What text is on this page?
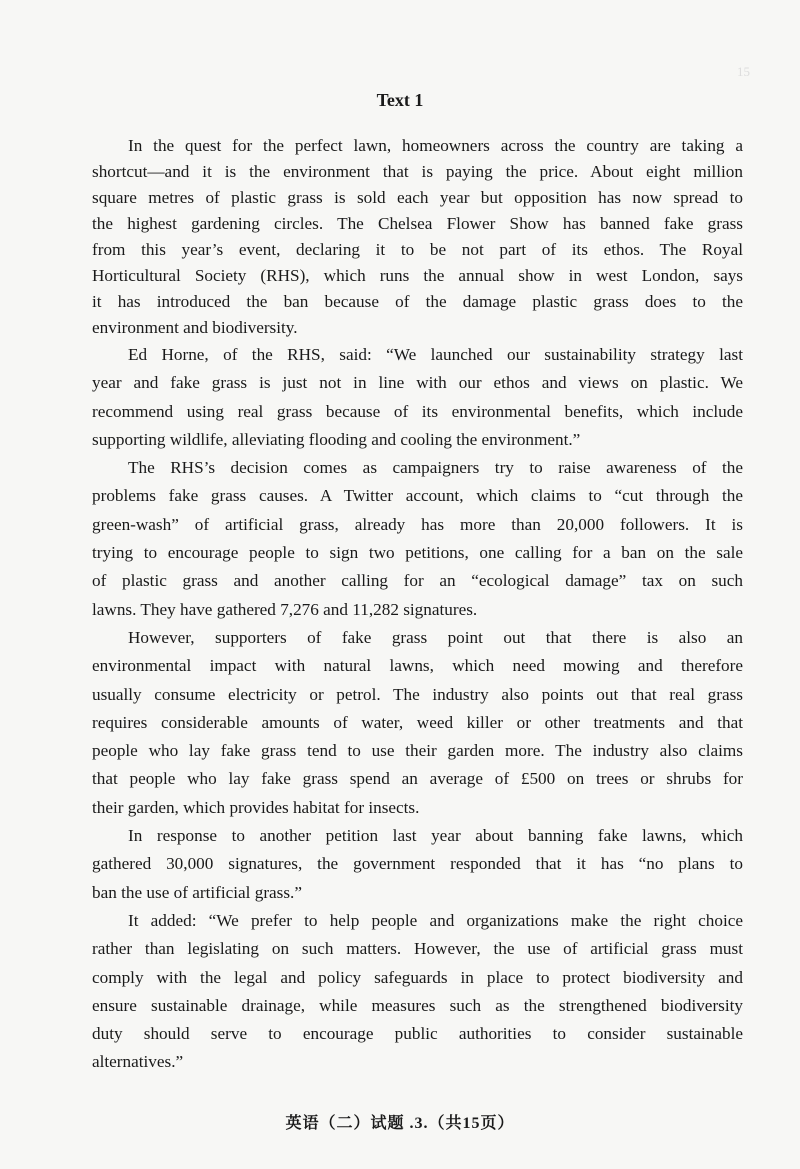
15
Text 1
In the quest for the perfect lawn, homeowners across the country are taking a
shortcut—and it is the environment that is paying the price. About eight million
square metres of plastic grass is sold each year but opposition has now spread to
the highest gardening circles. The Chelsea Flower Show has banned fake grass
from this year’s event, declaring it to be not part of its ethos. The Royal
Horticultural Society (RHS), which runs the annual show in west London, says
it has introduced the ban because of the damage plastic grass does to the
environment and biodiversity.
Ed Horne, of the RHS, said: “We launched our sustainability strategy last
year and fake grass is just not in line with our ethos and views on plastic. We
recommend using real grass because of its environmental benefits, which include
supporting wildlife, alleviating flooding and cooling the environment.”
The RHS’s decision comes as campaigners try to raise awareness of the
problems fake grass causes. A Twitter account, which claims to “cut through the
green-wash” of artificial grass, already has more than 20,000 followers. It is
trying to encourage people to sign two petitions, one calling for a ban on the sale
of plastic grass and another calling for an “ecological damage” tax on such
lawns. They have gathered 7,276 and 11,282 signatures.
However, supporters of fake grass point out that there is also an
environmental impact with natural lawns, which need mowing and therefore
usually consume electricity or petrol. The industry also points out that real grass
requires considerable amounts of water, weed killer or other treatments and that
people who lay fake grass tend to use their garden more. The industry also claims
that people who lay fake grass spend an average of £500 on trees or shrubs for
their garden, which provides habitat for insects.
In response to another petition last year about banning fake lawns, which
gathered 30,000 signatures, the government responded that it has “no plans to
ban the use of artificial grass.”
It added: “We prefer to help people and organizations make the right choice
rather than legislating on such matters. However, the use of artificial grass must
comply with the legal and policy safeguards in place to protect biodiversity and
ensure sustainable drainage, while measures such as the strengthened biodiversity
duty should serve to encourage public authorities to consider sustainable
alternatives.”
英语（二）试题 .3.（共15页）
